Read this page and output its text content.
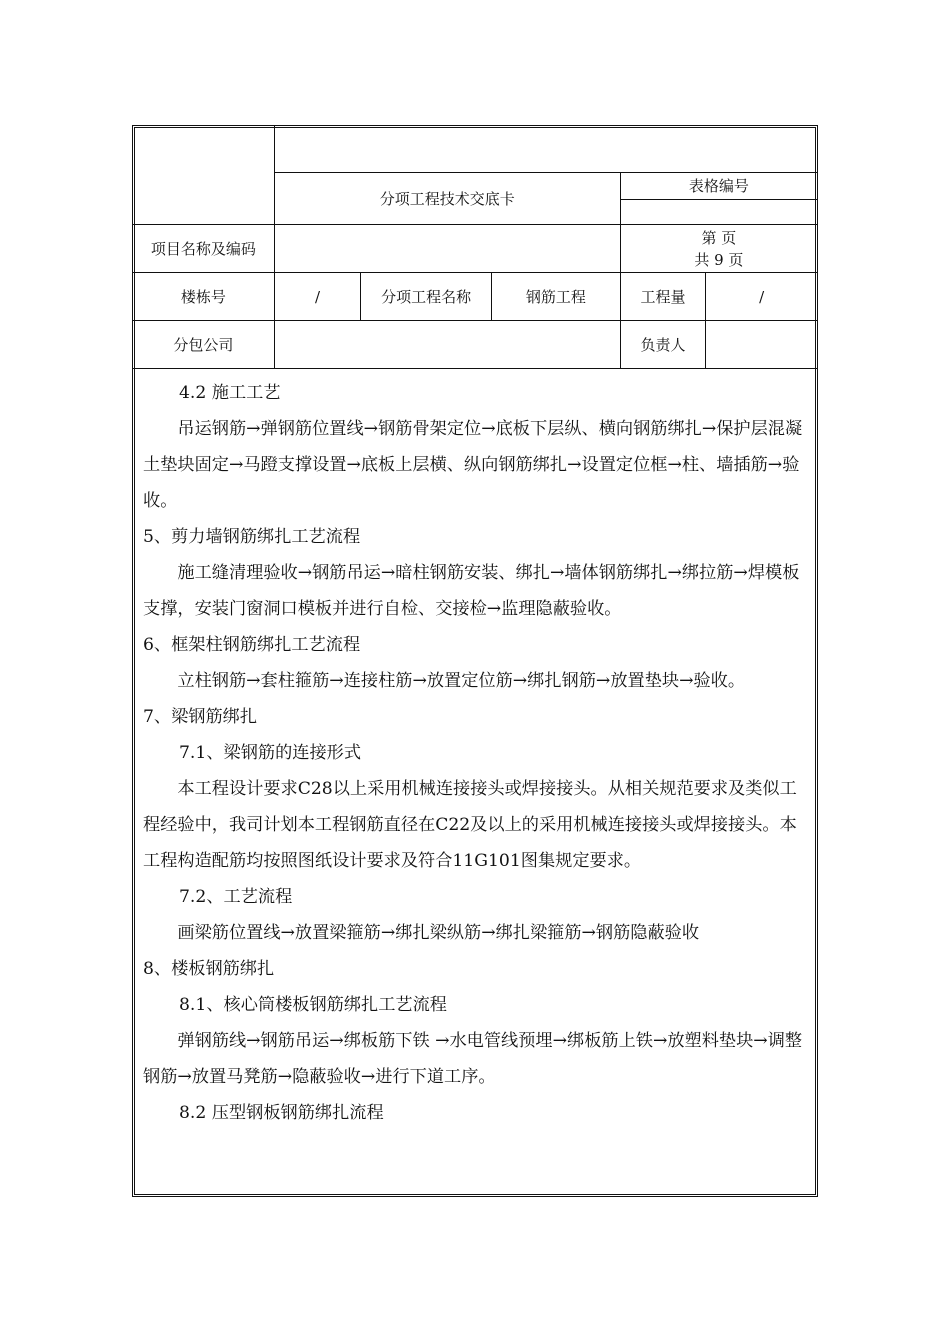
	分项工程技术交底卡			表格编号	

项目名称及编码				第 页
共 9 页	

楼栋号	/	分项工程名称	钢筋工程	工程量	/
分包公司				负责人	

4.2 施工工艺

吊运钢筋→弹钢筋位置线→钢筋骨架定位→底板下层纵、横向钢筋绑扎→保护层混凝土垫块固定→马蹬支撑设置→底板上层横、纵向钢筋绑扎→设置定位框→柱、墙插筋→验收。

5、剪力墙钢筋绑扎工艺流程

施工缝清理验收→钢筋吊运→暗柱钢筋安装、绑扎→墙体钢筋绑扎→绑拉筋→焊模板支撑，安装门窗洞口模板并进行自检、交接检→监理隐蔽验收。

6、框架柱钢筋绑扎工艺流程

立柱钢筋→套柱箍筋→连接柱筋→放置定位筋→绑扎钢筋→放置垫块→验收。

7、梁钢筋绑扎

7.1、梁钢筋的连接形式

本工程设计要求C28以上采用机械连接接头或焊接接头。从相关规范要求及类似工程经验中，我司计划本工程钢筋直径在C22及以上的采用机械连接接头或焊接接头。本工程构造配筋均按照图纸设计要求及符合11G101图集规定要求。

7.2、工艺流程

画梁筋位置线→放置梁箍筋→绑扎梁纵筋→绑扎梁箍筋→钢筋隐蔽验收

8、楼板钢筋绑扎

8.1、核心筒楼板钢筋绑扎工艺流程

弹钢筋线→钢筋吊运→绑板筋下铁 →水电管线预埋→绑板筋上铁→放塑料垫块→调整钢筋→放置马凳筋→隐蔽验收→进行下道工序。

8.2 压型钢板钢筋绑扎流程
